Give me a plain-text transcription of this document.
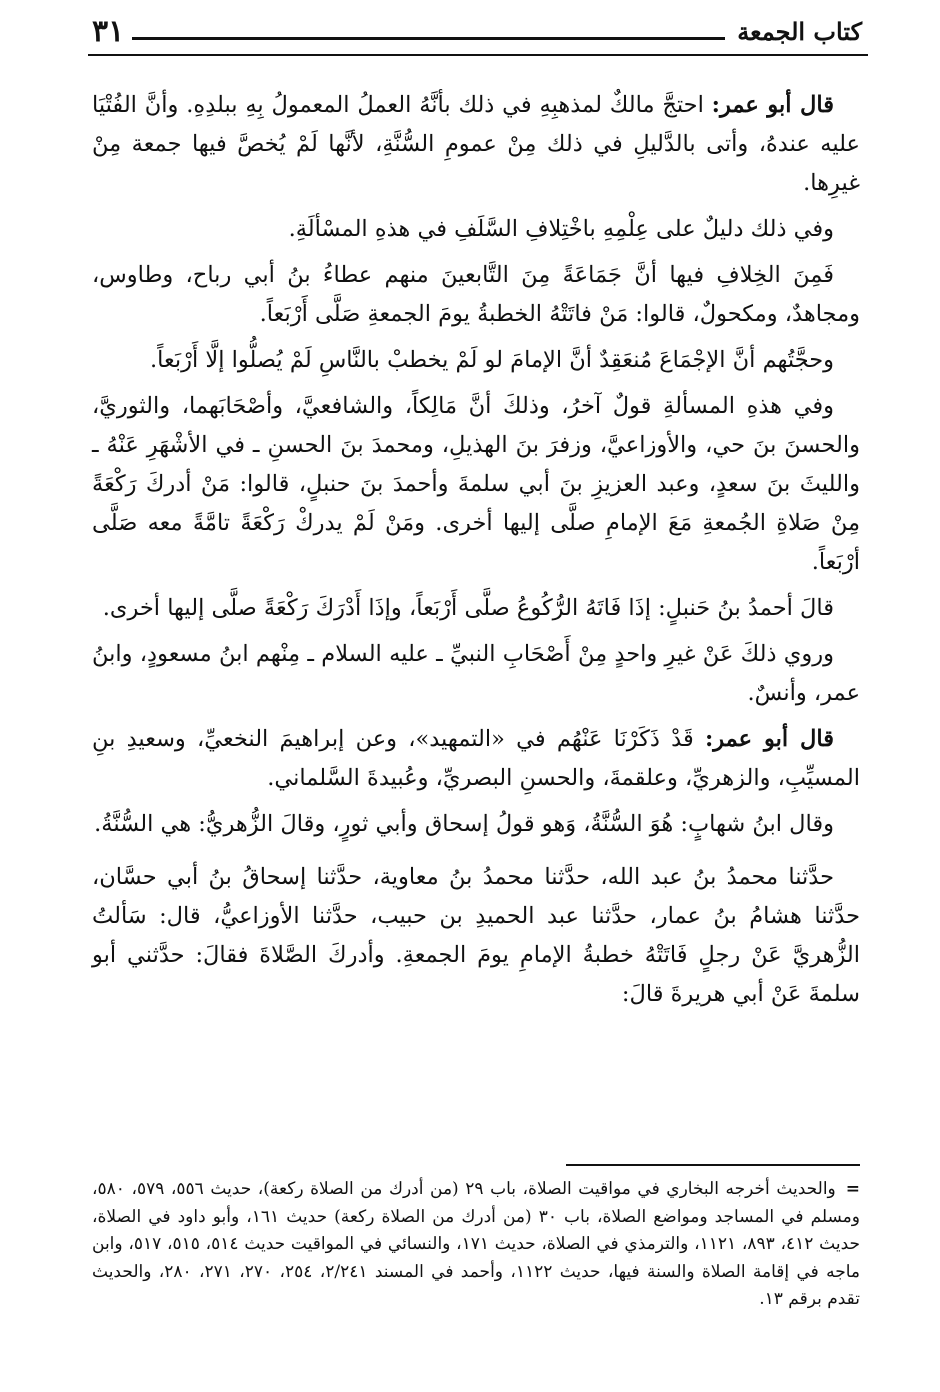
كتاب الجمعة
٣١

قال أبو عمر: احتجَّ مالكٌ لمذهبِهِ في ذلك بأنَّهُ العملُ المعمولُ بِهِ ببلدِهِ. وأنَّ الفُتْيَا عليه عندهُ، وأتى بالدَّليلِ في ذلك مِنْ عمومِ السُّنَّةِ، لأنَّها لَمْ يُخصَّ فيها جمعة مِنْ غيرِها.

وفي ذلك دليلٌ على عِلْمِهِ باخْتِلافِ السَّلَفِ في هذهِ المسْألَةِ.

فَمِنَ الخِلافِ فيها أنَّ جَمَاعَةً مِنَ التَّابعينَ منهم عطاءُ بنُ أبي رباح، وطاوس، ومجاهدٌ، ومكحولٌ، قالوا: مَنْ فاتَتْهُ الخطبةُ يومَ الجمعةِ صَلَّى أَرْبَعاً.

وحجَّتُهم أنَّ الإجْمَاعَ مُنعَقِدٌ أنَّ الإمامَ لو لَمْ يخطبْ بالنَّاسِ لَمْ يُصلُّوا إلَّا أَرْبَعاً.

وفي هذهِ المسألةِ قولٌ آخرُ، وذلكَ أنَّ مَالِكاً، والشافعيَّ، وأصْحَابَهما، والثوريَّ، والحسنَ بنَ حي، والأوزاعيَّ، وزفرَ بنَ الهذيلِ، ومحمدَ بنَ الحسنِ ـ في الأشْهَرِ عَنْهُ ـ والليثَ بنَ سعدٍ، وعبد العزيزِ بنَ أبي سلمةَ وأحمدَ بنَ حنبلٍ، قالوا: مَنْ أدركَ رَكْعَةً مِنْ صَلاةِ الجُمعةِ مَعَ الإمامِ صلَّى إليها أخرى. ومَنْ لَمْ يدركْ رَكْعَةً تامَّةً معه صَلَّى أرْبَعاً.

قالَ أحمدُ بنُ حَنبلٍ: إذَا فَاتَهُ الرُّكُوعُ صلَّى أَرْبَعاً، وإذَا أَدْرَكَ رَكْعَةً صلَّى إليها أخرى.

وروي ذلكَ عَنْ غيرِ واحدٍ مِنْ أَصْحَابِ النبيِّ ـ عليه السلام ـ مِنْهم ابنُ مسعودٍ، وابنُ عمر، وأنسٌ.

قال أبو عمر: قَدْ ذَكَرْنَا عَنْهُم في «التمهيد»، وعن إبراهيمَ النخعيِّ، وسعيدِ بنِ المسيِّبِ، والزهريِّ، وعلقمةَ، والحسنِ البصريِّ، وعُبيدةَ السَّلماني.

وقال ابنُ شهابٍ: هُوَ السُّنَّةُ، وَهو قولُ إسحاق وأبي ثورٍ، وقالَ الزُّهريُّ: هي السُّنَّةُ.

حدَّثنا محمدُ بنُ عبد الله، حدَّثنا محمدُ بنُ معاوية، حدَّثنا إسحاقُ بنُ أبي حسَّان، حدَّثنا هشامُ بنُ عمار، حدَّثنا عبد الحميدِ بن حبيب، حدَّثنا الأوزاعيُّ، قال: سَألتُ الزُّهريَّ عَنْ رجلٍ فَاتَتْهُ خطبةُ الإمامِ يومَ الجمعةِ. وأدركَ الصَّلاةَ فقالَ: حدَّثني أبو سلمةَ عَنْ أبي هريرةَ قالَ:

=والحديث أخرجه البخاري في مواقيت الصلاة، باب ٢٩ (من أدرك من الصلاة ركعة)، حديث ٥٥٦، ٥٧٩، ٥٨٠، ومسلم في المساجد ومواضع الصلاة، باب ٣٠ (من أدرك من الصلاة ركعة) حديث ١٦١، وأبو داود في الصلاة، حديث ٤١٢، ٨٩٣، ١١٢١، والترمذي في الصلاة، حديث ١٧١، والنسائي في المواقيت حديث ٥١٤، ٥١٥، ٥١٧، وابن ماجه في إقامة الصلاة والسنة فيها، حديث ١١٢٢، وأحمد في المسند ٢/٢٤١، ٢٥٤، ٢٧٠، ٢٧١، ٢٨٠، والحديث تقدم برقم ١٣.
